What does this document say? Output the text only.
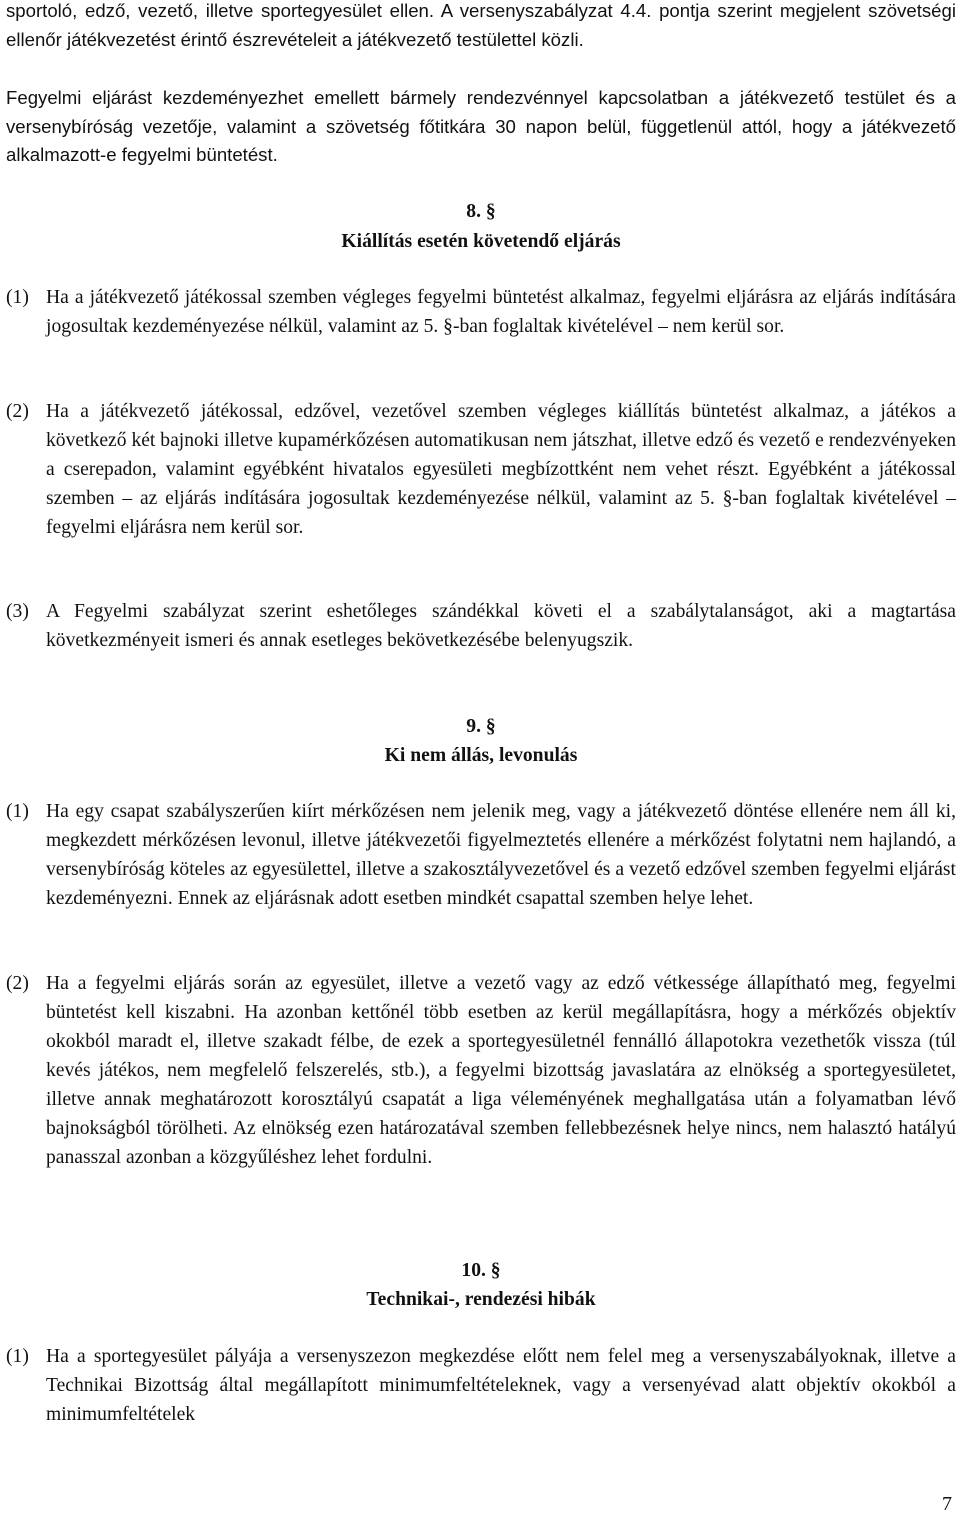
sportoló, edző, vezető, illetve sportegyesület ellen. A versenyszabályzat 4.4. pontja szerint megjelent szövetségi ellenőr játékvezetést érintő észrevételeit a játékvezető testülettel közli.

Fegyelmi eljárást kezdeményezhet emellett bármely rendezvénnyel kapcsolatban a játékvezető testület és a versenybíróság vezetője, valamint a szövetség főtitkára 30 napon belül, függetlenül attól, hogy a játékvezető alkalmazott-e fegyelmi büntetést.

8. §

Kiállítás esetén követendő eljárás

(1) Ha a játékvezető játékossal szemben végleges fegyelmi büntetést alkalmaz, fegyelmi eljárásra az eljárás indítására jogosultak kezdeményezése nélkül, valamint az 5. §-ban foglaltak kivételével – nem kerül sor.
(2) Ha a játékvezető játékossal, edzővel, vezetővel szemben végleges kiállítás büntetést alkalmaz, a játékos a következő két bajnoki illetve kupamérkőzésen automatikusan nem játszhat, illetve edző és vezető e rendezvényeken a cserepadon, valamint egyébként hivatalos egyesületi megbízottként nem vehet részt. Egyébként a játékossal szemben – az eljárás indítására jogosultak kezdeményezése nélkül, valamint az 5. §-ban foglaltak kivételével – fegyelmi eljárásra nem kerül sor.
(3) A Fegyelmi szabályzat szerint eshetőleges szándékkal követi el a szabálytalanságot, aki a magtartása következményeit ismeri és annak esetleges bekövetkezésébe belenyugszik.

9. §

Ki nem állás, levonulás

(1) Ha egy csapat szabályszerűen kiírt mérkőzésen nem jelenik meg, vagy a játékvezető döntése ellenére nem áll ki, megkezdett mérkőzésen levonul, illetve játékvezetői figyelmeztetés ellenére a mérkőzést folytatni nem hajlandó, a versenybíróság köteles az egyesülettel, illetve a szakosztályvezetővel és a vezető edzővel szemben fegyelmi eljárást kezdeményezni. Ennek az eljárásnak adott esetben mindkét csapattal szemben helye lehet.
(2) Ha a fegyelmi eljárás során az egyesület, illetve a vezető vagy az edző vétkessége állapítható meg, fegyelmi büntetést kell kiszabni. Ha azonban kettőnél több esetben az kerül megállapításra, hogy a mérkőzés objektív okokból maradt el, illetve szakadt félbe, de ezek a sportegyesületnél fennálló állapotokra vezethetők vissza (túl kevés játékos, nem megfelelő felszerelés, stb.), a fegyelmi bizottság javaslatára az elnökség a sportegyesületet, illetve annak meghatározott korosztályú csapatát a liga véleményének meghallgatása után a folyamatban lévő bajnokságból törölheti. Az elnökség ezen határozatával szemben fellebbezésnek helye nincs, nem halasztó hatályú panasszal azonban a közgyűléshez lehet fordulni.

10. §

Technikai-, rendezési hibák

(1) Ha a sportegyesület pályája a versenyszezon megkezdése előtt nem felel meg a versenyszabályoknak, illetve a Technikai Bizottság által megállapított minimumfeltételeknek, vagy a versenyévad alatt objektív okokból a minimumfeltételek
7
